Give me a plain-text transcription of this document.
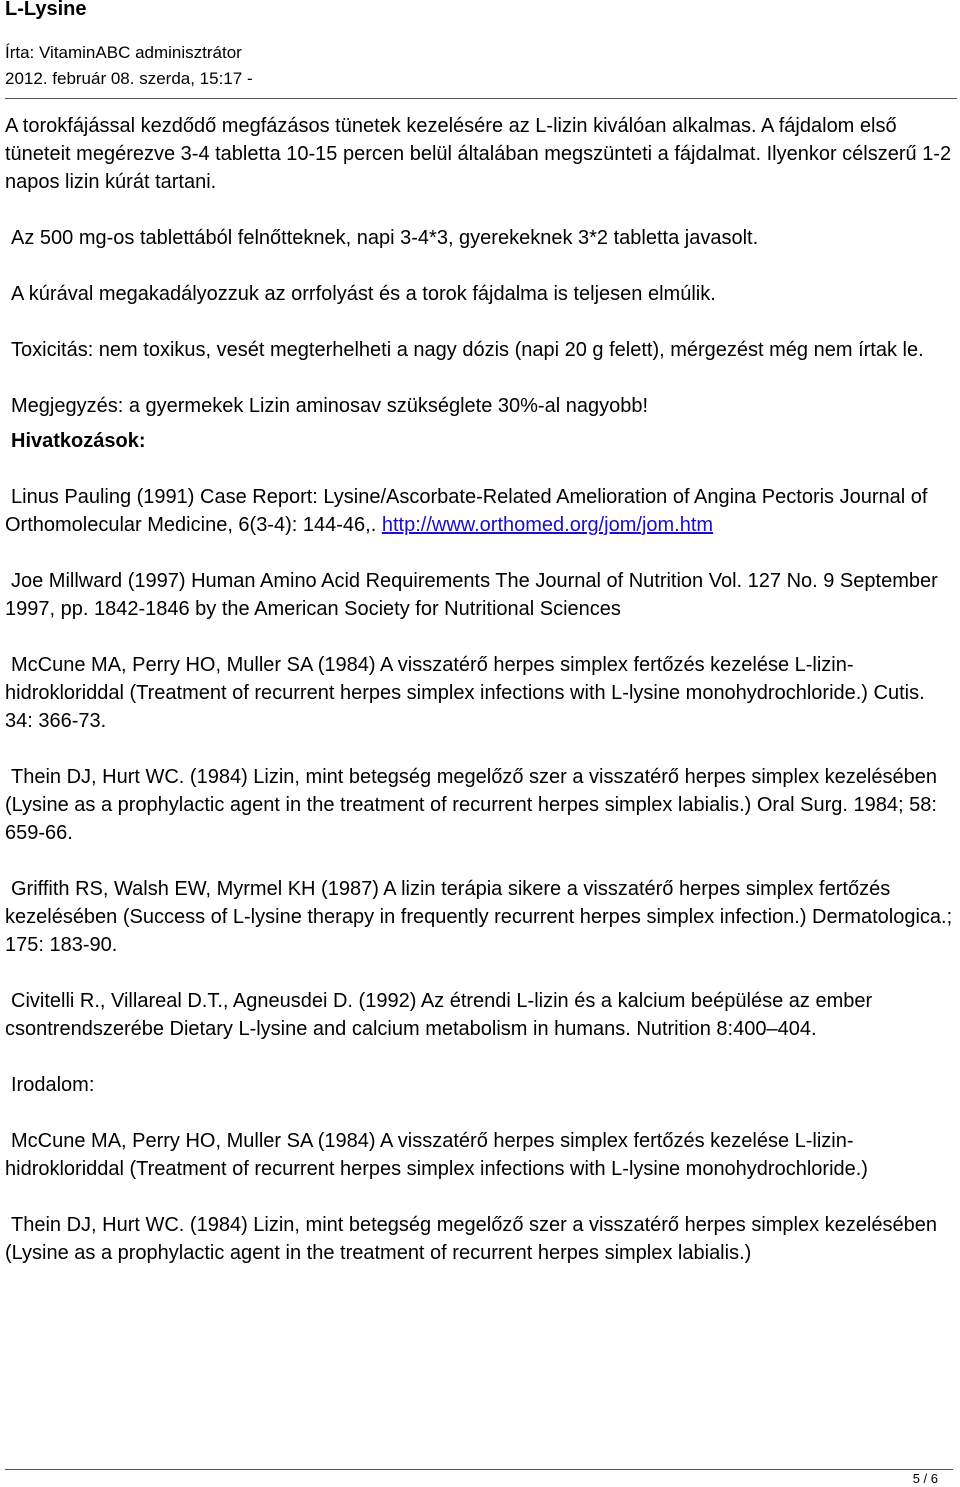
L-Lysine

Írta: VitaminABC adminisztrátor

2012. február 08. szerda, 15:17 -

A torokfájással kezdődő megfázásos tünetek kezelésére az L-lizin kiválóan alkalmas. A fájdalom első tüneteit megérezve 3-4 tabletta 10-15 percen belül általában megszünteti a fájdalmat. Ilyenkor célszerű 1-2 napos lizin kúrát tartani.

Az 500 mg-os tablettából felnőtteknek, napi 3-4*3, gyerekeknek 3*2 tabletta javasolt.

A kúrával megakadályozzuk az orrfolyást és a torok fájdalma is teljesen elmúlik.

Toxicitás: nem toxikus, vesét megterhelheti a nagy dózis (napi 20 g felett), mérgezést még nem írtak le.

Megjegyzés: a gyermekek Lizin aminosav szükséglete 30%-al nagyobb!

Hivatkozások:

Linus Pauling (1991) Case Report: Lysine/Ascorbate-Related Amelioration of Angina Pectoris Journal of Orthomolecular Medicine, 6(3-4): 144-46,. http://www.orthomed.org/jom/jom.htm

Joe Millward (1997) Human Amino Acid Requirements The Journal of Nutrition Vol. 127 No. 9 September 1997, pp. 1842-1846 by the American Society for Nutritional Sciences

McCune MA, Perry HO, Muller SA (1984) A visszatérő herpes simplex fertőzés kezelése L-lizin-hidrokloriddal (Treatment of recurrent herpes simplex infections with L-lysine monohydrochloride.) Cutis. 34: 366-73.

Thein DJ, Hurt WC. (1984) Lizin, mint betegség megelőző szer a visszatérő herpes simplex kezelésében (Lysine as a prophylactic agent in the treatment of recurrent herpes simplex labialis.) Oral Surg. 1984; 58: 659-66.

Griffith RS, Walsh EW, Myrmel KH (1987) A lizin terápia sikere a visszatérő herpes simplex fertőzés kezelésében (Success of L-lysine therapy in frequently recurrent herpes simplex infection.) Dermatologica.; 175: 183-90.

Civitelli R., Villareal D.T., Agneusdei D. (1992) Az étrendi L-lizin és a kalcium beépülése az ember csontrendszerébe Dietary L-lysine and calcium metabolism in humans. Nutrition 8:400–404.

Irodalom:

McCune MA, Perry HO, Muller SA (1984) A visszatérő herpes simplex fertőzés kezelése L-lizin-hidrokloriddal (Treatment of recurrent herpes simplex infections with L-lysine monohydrochloride.)

Thein DJ, Hurt WC. (1984) Lizin, mint betegség megelőző szer a visszatérő herpes simplex kezelésében (Lysine as a prophylactic agent in the treatment of recurrent herpes simplex labialis.)

5 / 6
